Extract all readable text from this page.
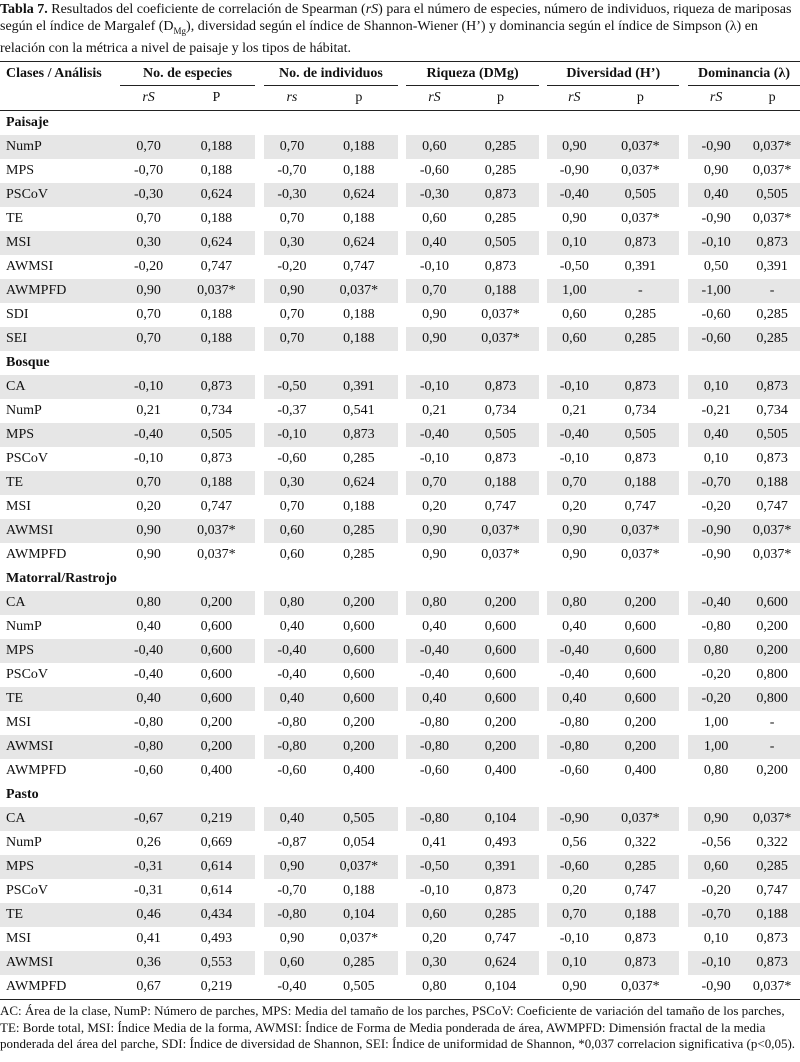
Tabla 7. Resultados del coeficiente de correlación de Spearman (rS) para el número de especies, número de individuos, riqueza de mariposas según el índice de Margalef $(D_{Mg})$, diversidad según el índice de Shannon-Wiener (H’) y dominancia según el índice de Simpson (λ) en relación con la métrica a nivel de paisaje y los tipos de hábitat.
Clases / Análisis	No. de especies			No. de individuos			Riqueza (DMg)			Diversidad (H’)			Dominancia (λ)	
	rS	P		rs	p		rS	p		rS	p		rS	p
Paisaje														
NumP	0,70	0,188		0,70	0,188		0,60	0,285		0,90	0,037*		-0,90	0,037*
MPS	-0,70	0,188		-0,70	0,188		-0,60	0,285		-0,90	0,037*		0,90	0,037*
PSCoV	-0,30	0,624		-0,30	0,624		-0,30	0,873		-0,40	0,505		0,40	0,505
TE	0,70	0,188		0,70	0,188		0,60	0,285		0,90	0,037*		-0,90	0,037*
MSI	0,30	0,624		0,30	0,624		0,40	0,505		0,10	0,873		-0,10	0,873
AWMSI	-0,20	0,747		-0,20	0,747		-0,10	0,873		-0,50	0,391		0,50	0,391
AWMPFD	0,90	0,037*		0,90	0,037*		0,70	0,188		1,00	-		-1,00	-
SDI	0,70	0,188		0,70	0,188		0,90	0,037*		0,60	0,285		-0,60	0,285
SEI	0,70	0,188		0,70	0,188		0,90	0,037*		0,60	0,285		-0,60	0,285
Bosque														
CA	-0,10	0,873		-0,50	0,391		-0,10	0,873		-0,10	0,873		0,10	0,873
NumP	0,21	0,734		-0,37	0,541		0,21	0,734		0,21	0,734		-0,21	0,734
MPS	-0,40	0,505		-0,10	0,873		-0,40	0,505		-0,40	0,505		0,40	0,505
PSCoV	-0,10	0,873		-0,60	0,285		-0,10	0,873		-0,10	0,873		0,10	0,873
TE	0,70	0,188		0,30	0,624		0,70	0,188		0,70	0,188		-0,70	0,188
MSI	0,20	0,747		0,70	0,188		0,20	0,747		0,20	0,747		-0,20	0,747
AWMSI	0,90	0,037*		0,60	0,285		0,90	0,037*		0,90	0,037*		-0,90	0,037*
AWMPFD	0,90	0,037*		0,60	0,285		0,90	0,037*		0,90	0,037*		-0,90	0,037*
Matorral/Rastrojo														
CA	0,80	0,200		0,80	0,200		0,80	0,200		0,80	0,200		-0,40	0,600
NumP	0,40	0,600		0,40	0,600		0,40	0,600		0,40	0,600		-0,80	0,200
MPS	-0,40	0,600		-0,40	0,600		-0,40	0,600		-0,40	0,600		0,80	0,200
PSCoV	-0,40	0,600		-0,40	0,600		-0,40	0,600		-0,40	0,600		-0,20	0,800
TE	0,40	0,600		0,40	0,600		0,40	0,600		0,40	0,600		-0,20	0,800
MSI	-0,80	0,200		-0,80	0,200		-0,80	0,200		-0,80	0,200		1,00	-
AWMSI	-0,80	0,200		-0,80	0,200		-0,80	0,200		-0,80	0,200		1,00	-
AWMPFD	-0,60	0,400		-0,60	0,400		-0,60	0,400		-0,60	0,400		0,80	0,200
Pasto														
CA	-0,67	0,219		0,40	0,505		-0,80	0,104		-0,90	0,037*		0,90	0,037*
NumP	0,26	0,669		-0,87	0,054		0,41	0,493		0,56	0,322		-0,56	0,322
MPS	-0,31	0,614		0,90	0,037*		-0,50	0,391		-0,60	0,285		0,60	0,285
PSCoV	-0,31	0,614		-0,70	0,188		-0,10	0,873		0,20	0,747		-0,20	0,747
TE	0,46	0,434		-0,80	0,104		0,60	0,285		0,70	0,188		-0,70	0,188
MSI	0,41	0,493		0,90	0,037*		0,20	0,747		-0,10	0,873		0,10	0,873
AWMSI	0,36	0,553		0,60	0,285		0,30	0,624		0,10	0,873		-0,10	0,873
AWMPFD	0,67	0,219		-0,40	0,505		0,80	0,104		0,90	0,037*		-0,90	0,037*
AC: Área de la clase, NumP: Número de parches, MPS: Media del tamaño de los parches, PSCoV: Coeficiente de variación del tamaño de los parches, TE: Borde total, MSI: Índice Media de la forma, AWMSI: Índice de Forma de Media ponderada de área, AWMPFD: Dimensión fractal de la media ponderada del área del parche, SDI: Índice de diversidad de Shannon, SEI: Índice de uniformidad de Shannon, *0,037 correlacion significativa (p<0,05).
